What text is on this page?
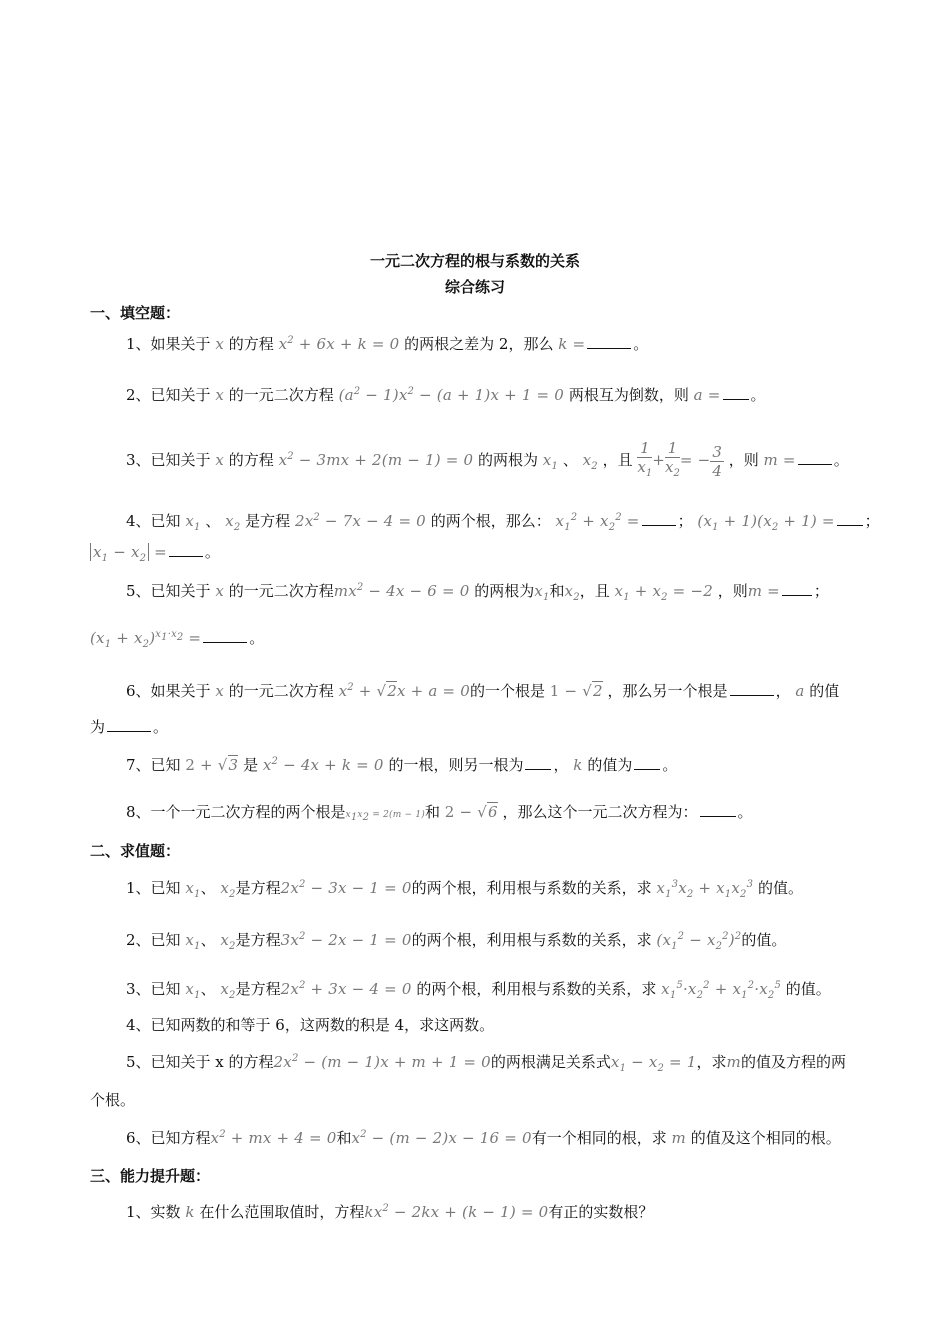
一元二次方程的根与系数的关系
综合练习
一、填空题：
1、如果关于 x 的方程 $x^2 + 6x + k = 0$ 的两根之差为 2，那么 k =	。
2、已知关于 x 的一元二次方程 $(a^2 - 1)x^2 - (a + 1)x + 1 = 0$ 两根互为倒数，则 a = 。
3、已知关于 x 的方程 $x^2 - 3mx + 2(m - 1) = 0$ 的两根为 $x_1$ 、 $x_2$ ，且 $\frac{1}{x_1} + \frac{1}{x_2}$ = − $\frac{3}{4}$ ，则 m =	。
4、已知 $x_1$ 、 $x_2$ 是方程 $2x^2 - 7x - 4 = 0$ 的两个根，那么： $x_1^2 + x_2^2$ =	； $(x_1 + 1)(x_2 + 1)$ = ；
$x_1 - x_2$ =	。
5、已知关于 x 的一元二次方程$mx^2 - 4x - 6 = 0$ 的两根为$x_1$和$x_2$，且 $x_1 + x_2 = -2$ ，则m = ；
$(x_1 + x_2)^{x_1\cdot x_2}$ =	。
6、如果关于 x 的一元二次方程 $x^2 + √2x + a = 0$的一个根是 1 − √2 ，那么另一个根是	， a 的值
为	。
7、已知 2 + √3 是 $x^2 - 4x + k = 0$ 的一根，则另一根为 ， k 的值为 。
8、一个一元二次方程的两个根是$x_1x_2 = 2(m - 1)$和 2 − √6 ，那么这个一元二次方程为：	。
二、求值题：
1、已知 $x_1$、 $x_2$是方程$2x^2 - 3x - 1 = 0$的两个根，利用根与系数的关系，求 $x_1^3x_2 + x_1x_2^3$ 的值。
2、已知 $x_1$、 $x_2$是方程$3x^2 - 2x - 1 = 0$的两个根，利用根与系数的关系，求 $(x_1^2 - x_2^2)^2$的值。
3、已知 $x_1$、 $x_2$是方程$2x^2 + 3x - 4 = 0$ 的两个根，利用根与系数的关系，求 $x_1^5\cdot x_2^2 + x_1^2\cdot x_2^5$ 的值。
4、已知两数的和等于 6，这两数的积是 4，求这两数。
5、已知关于 x 的方程$2x^2 - (m - 1)x + m + 1 = 0$的两根满足关系式$x_1 - x_2 = 1$，求m的值及方程的两
个根。
6、已知方程$x^2$ + mx + 4 = 0和$x^2 - (m - 2)x - 16 = 0$有一个相同的根，求 m 的值及这个相同的根。
三、能力提升题：
1、实数 k 在什么范围取值时，方程$kx^2 - 2kx + (k - 1) = 0$有正的实数根？
